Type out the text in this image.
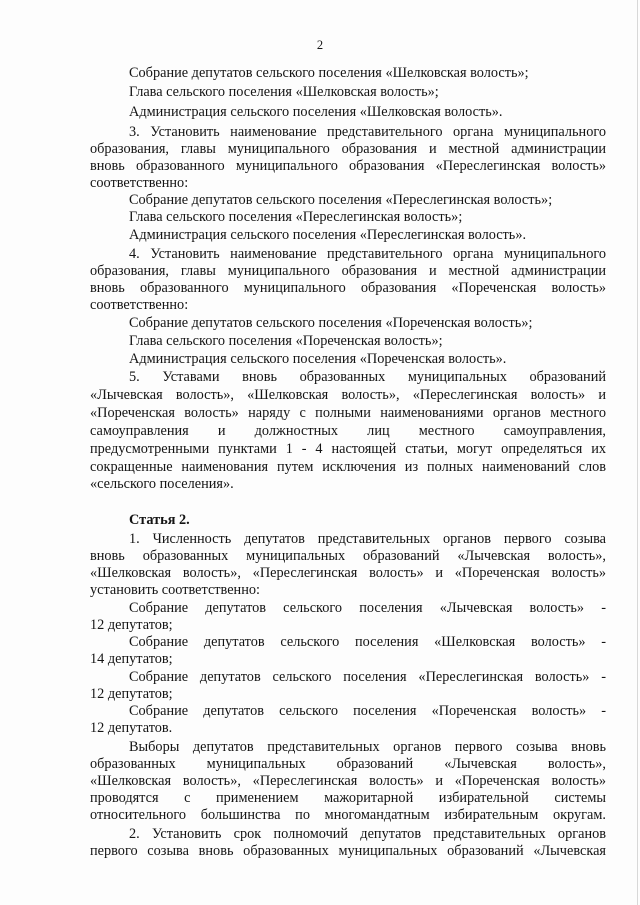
2
Собрание депутатов сельского поселения «Шелковская волость»;
Глава сельского поселения «Шелковская волость»;
Администрация сельского поселения «Шелковская волость».
3. Установить наименование представительного органа муниципального
образования, главы муниципального образования и местной администрации
вновь образованного муниципального образования «Переслегинская волость»
соответственно:
Собрание депутатов сельского поселения «Переслегинская волость»;
Глава сельского поселения «Переслегинская волость»;
Администрация сельского поселения «Переслегинская волость».
4. Установить наименование представительного органа муниципального
образования, главы муниципального образования и местной администрации
вновь образованного муниципального образования «Пореченская волость»
соответственно:
Собрание депутатов сельского поселения «Пореченская волость»;
Глава сельского поселения «Пореченская волость»;
Администрация сельского поселения «Пореченская волость».
5. Уставами вновь образованных муниципальных образований
«Лычевская волость», «Шелковская волость», «Переслегинская волость» и
«Пореченская волость» наряду с полными наименованиями органов местного
самоуправления и должностных лиц местного самоуправления,
предусмотренными пунктами 1 - 4 настоящей статьи, могут определяться их
сокращенные наименования путем исключения из полных наименований слов
«сельского поселения».
Статья 2.
1. Численность депутатов представительных органов первого созыва
вновь образованных муниципальных образований «Лычевская волость»,
«Шелковская волость», «Переслегинская волость» и «Пореченская волость»
установить соответственно:
Собрание депутатов сельского поселения «Лычевская волость» -
12 депутатов;
Собрание депутатов сельского поселения «Шелковская волость» -
14 депутатов;
Собрание депутатов сельского поселения «Переслегинская волость» -
12 депутатов;
Собрание депутатов сельского поселения «Пореченская волость» -
12 депутатов.
Выборы депутатов представительных органов первого созыва вновь
образованных муниципальных образований «Лычевская волость»,
«Шелковская волость», «Переслегинская волость» и «Пореченская волость»
проводятся с применением мажоритарной избирательной системы
относительного большинства по многомандатным избирательным округам.
2. Установить срок полномочий депутатов представительных органов
первого созыва вновь образованных муниципальных образований «Лычевская
